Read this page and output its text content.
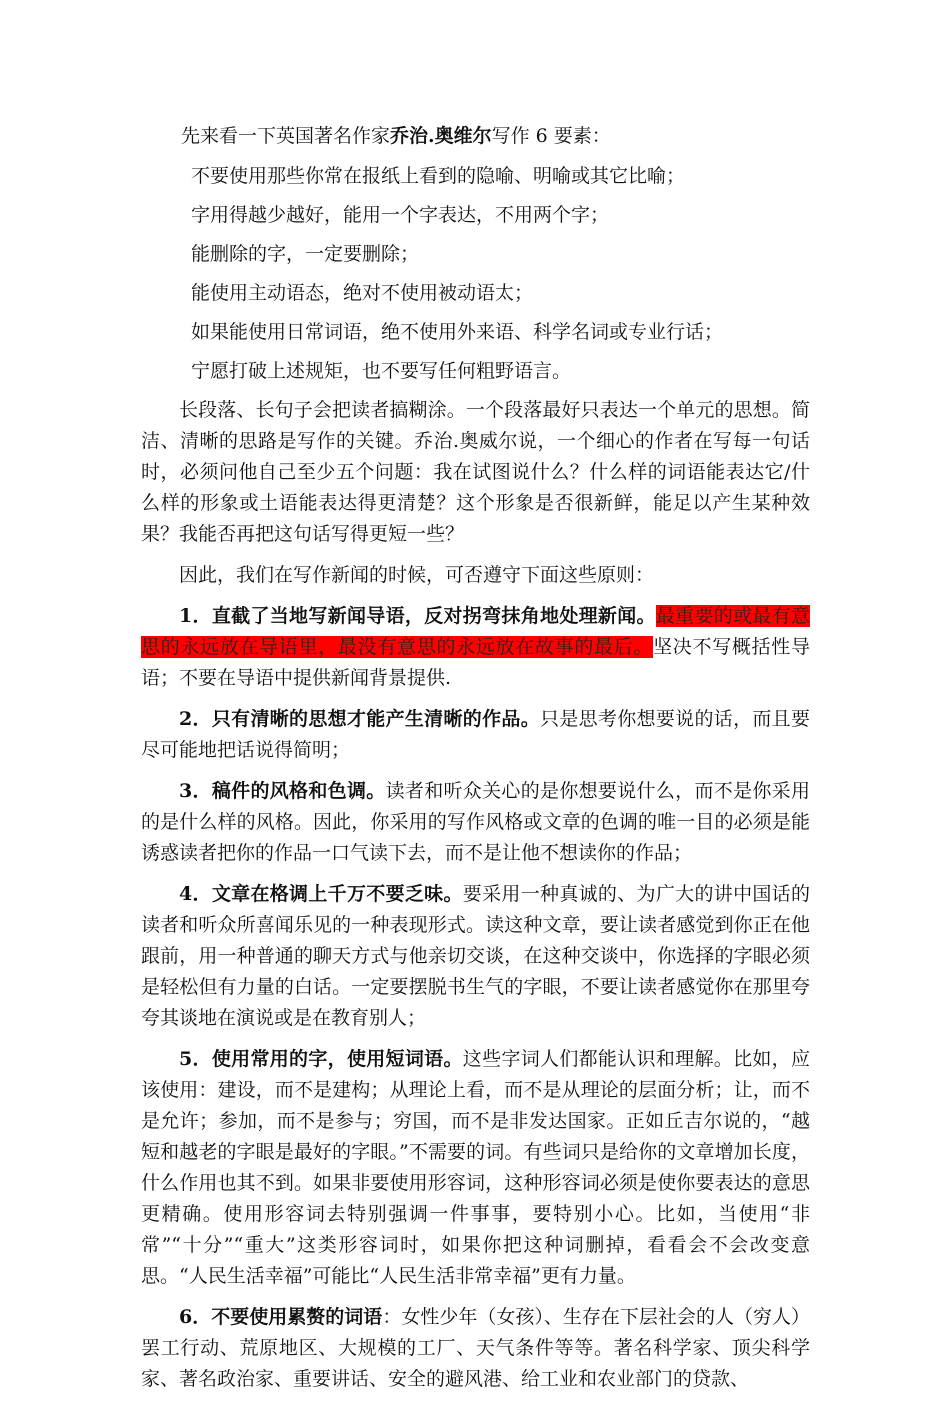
先来看一下英国著名作家乔治.奥维尔写作 6 要素：

不要使用那些你常在报纸上看到的隐喻、明喻或其它比喻；

字用得越少越好，能用一个字表达，不用两个字；

能删除的字，一定要删除；

能使用主动语态，绝对不使用被动语太；

如果能使用日常词语，绝不使用外来语、科学名词或专业行话；

宁愿打破上述规矩，也不要写任何粗野语言。

长段落、长句子会把读者搞糊涂。一个段落最好只表达一个单元的思想。简洁、清晰的思路是写作的关键。乔治.奥威尔说，一个细心的作者在写每一句话时，必须问他自己至少五个问题：我在试图说什么？什么样的词语能表达它/什么样的形象或土语能表达得更清楚？这个形象是否很新鲜，能足以产生某种效果？我能否再把这句话写得更短一些？

因此，我们在写作新闻的时候，可否遵守下面这些原则：

1．直截了当地写新闻导语，反对拐弯抹角地处理新闻。最重要的或最有意思的永远放在导语里，最没有意思的永远放在故事的最后。坚决不写概括性导语；不要在导语中提供新闻背景提供.

2．只有清晰的思想才能产生清晰的作品。只是思考你想要说的话，而且要尽可能地把话说得简明；

3．稿件的风格和色调。读者和听众关心的是你想要说什么，而不是你采用的是什么样的风格。因此，你采用的写作风格或文章的色调的唯一目的必须是能诱惑读者把你的作品一口气读下去，而不是让他不想读你的作品；

4．文章在格调上千万不要乏味。要采用一种真诚的、为广大的讲中国话的读者和听众所喜闻乐见的一种表现形式。读这种文章，要让读者感觉到你正在他跟前，用一种普通的聊天方式与他亲切交谈，在这种交谈中，你选择的字眼必须是轻松但有力量的白话。一定要摆脱书生气的字眼，不要让读者感觉你在那里夸夸其谈地在演说或是在教育别人；

5．使用常用的字，使用短词语。这些字词人们都能认识和理解。比如，应该使用：建设，而不是建构；从理论上看，而不是从理论的层面分析；让，而不是允许；参加，而不是参与；穷国，而不是非发达国家。正如丘吉尔说的，“越短和越老的字眼是最好的字眼。”不需要的词。有些词只是给你的文章增加长度，什么作用也其不到。如果非要使用形容词，这种形容词必须是使你要表达的意思更精确。使用形容词去特别强调一件事事，要特别小心。比如，当使用“非常”“十分”“重大”这类形容词时，如果你把这种词删掉，看看会不会改变意思。“人民生活幸福”可能比“人民生活非常幸福”更有力量。

6．不要使用累赘的词语：女性少年（女孩）、生存在下层社会的人（穷人）罢工行动、荒原地区、大规模的工厂、天气条件等等。著名科学家、顶尖科学家、著名政治家、重要讲话、安全的避风港、给工业和农业部门的贷款、
